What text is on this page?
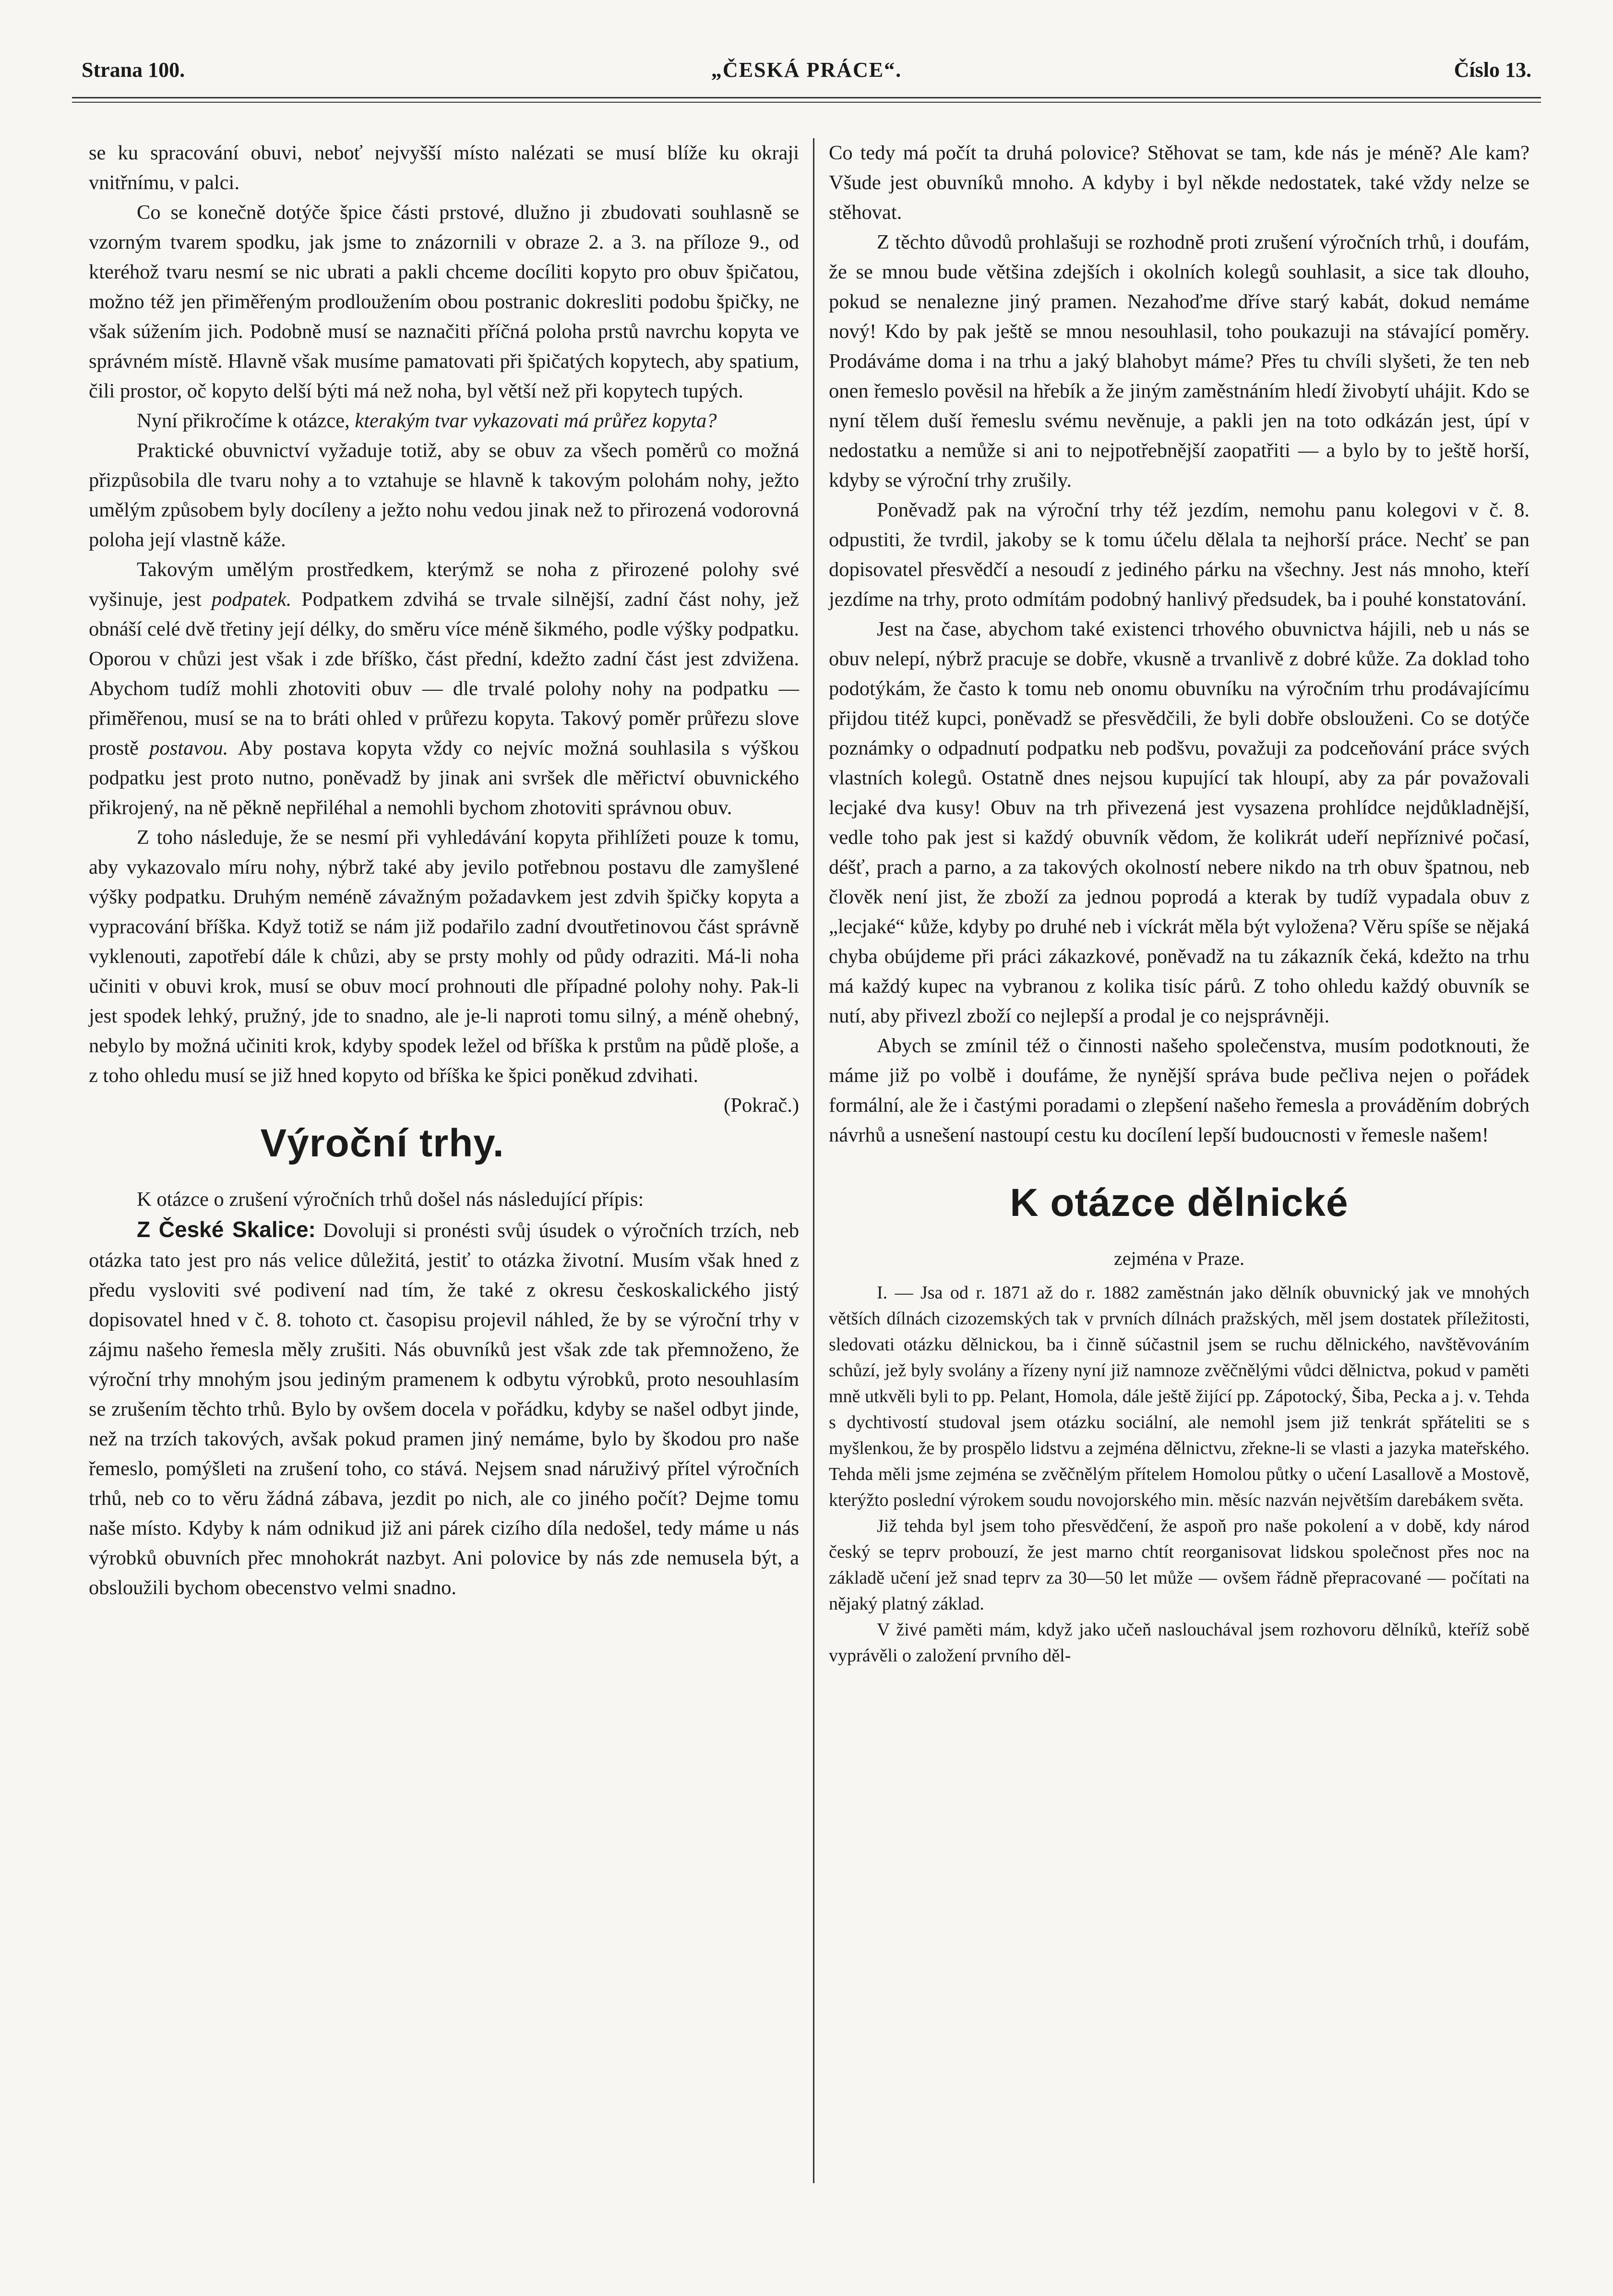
Strana 100.	„ČESKÁ PRÁCE“.	Číslo 13.

se ku spracování obuvi, neboť nejvyšší místo nalézati se musí blíže ku okraji vnitřnímu, v palci.

Co se konečně dotýče špice části prstové, dlužno ji zbudovati souhlasně se vzorným tvarem spodku, jak jsme to znázornili v obraze 2. a 3. na příloze 9., od kteréhož tvaru nesmí se nic ubrati a pakli chceme docíliti kopyto pro obuv špičatou, možno též jen přiměřeným prodloužením obou postranic dokresliti podobu špičky, ne však súžením jich. Podobně musí se naznačiti příčná poloha prstů navrchu kopyta ve správném místě. Hlavně však musíme pamatovati při špičatých kopytech, aby spatium, čili prostor, oč kopyto delší býti má než noha, byl větší než při kopytech tupých.

Nyní přikročíme k otázce, kterakým tvar vykazovati má průřez kopyta?

Praktické obuvnictví vyžaduje totiž, aby se obuv za všech poměrů co možná přizpůsobila dle tvaru nohy a to vztahuje se hlavně k takovým polohám nohy, ježto umělým způsobem byly docíleny a ježto nohu vedou jinak než to přirozená vodorovná poloha její vlastně káže.

Takovým umělým prostředkem, kterýmž se noha z přirozené polohy své vyšinuje, jest podpatek. Podpatkem zdvihá se trvale silnější, zadní část nohy, jež obnáší celé dvě třetiny její délky, do směru více méně šikmého, podle výšky podpatku. Oporou v chůzi jest však i zde bříško, část přední, kdežto zadní část jest zdvižena. Abychom tudíž mohli zhotoviti obuv — dle trvalé polohy nohy na podpatku — přiměřenou, musí se na to bráti ohled v průřezu kopyta. Takový poměr průřezu slove prostě postavou. Aby postava kopyta vždy co nejvíc možná souhlasila s výškou podpatku jest proto nutno, poněvadž by jinak ani svršek dle měřictví obuvnického přikrojený, na ně pěkně nepřiléhal a nemohli bychom zhotoviti správnou obuv.

Z toho následuje, že se nesmí při vyhledávání kopyta přihlížeti pouze k tomu, aby vykazovalo míru nohy, nýbrž také aby jevilo potřebnou postavu dle zamyšlené výšky podpatku. Druhým neméně závažným požadavkem jest zdvih špičky kopyta a vypracování bříška. Když totiž se nám již podařilo zadní dvoutřetinovou část správně vyklenouti, zapotřebí dále k chůzi, aby se prsty mohly od půdy odraziti. Má-li noha učiniti v obuvi krok, musí se obuv mocí prohnouti dle případné polohy nohy. Pak-li jest spodek lehký, pružný, jde to snadno, ale je-li naproti tomu silný, a méně ohebný, nebylo by možná učiniti krok, kdyby spodek ležel od bříška k prstům na půdě ploše, a z toho ohledu musí se již hned kopyto od bříška ke špici poněkud zdvihati.
(Pokrač.)

Výroční trhy.

K otázce o zrušení výročních trhů došel nás následující přípis:

Z České Skalice: Dovoluji si pronésti svůj úsudek o výročních trzích, neb otázka tato jest pro nás velice důležitá, jestiť to otázka životní. Musím však hned z předu vysloviti své podivení nad tím, že také z okresu českoskalického jistý dopisovatel hned v č. 8. tohoto ct. časopisu projevil náhled, že by se výroční trhy v zájmu našeho řemesla měly zrušiti. Nás obuvníků jest však zde tak přemnoženo, že výroční trhy mnohým jsou jediným pramenem k odbytu výrobků, proto nesouhlasím se zrušením těchto trhů. Bylo by ovšem docela v pořádku, kdyby se našel odbyt jinde, než na trzích takových, avšak pokud pramen jiný nemáme, bylo by škodou pro naše řemeslo, pomýšleti na zrušení toho, co stává. Nejsem snad náruživý přítel výročních trhů, neb co to věru žádná zábava, jezdit po nich, ale co jiného počít? Dejme tomu naše místo. Kdyby k nám odnikud již ani párek cizího díla nedošel, tedy máme u nás výrobků obuvních přec mnohokrát nazbyt. Ani polovice by nás zde nemusela být, a obsloužili bychom obecenstvo velmi snadno.

Co tedy má počít ta druhá polovice? Stěhovat se tam, kde nás je méně? Ale kam? Všude jest obuvníků mnoho. A kdyby i byl někde nedostatek, také vždy nelze se stěhovat.

Z těchto důvodů prohlašuji se rozhodně proti zrušení výročních trhů, i doufám, že se mnou bude většina zdejších i okolních kolegů souhlasit, a sice tak dlouho, pokud se nenalezne jiný pramen. Nezahoďme dříve starý kabát, dokud nemáme nový! Kdo by pak ještě se mnou nesouhlasil, toho poukazuji na stávající poměry. Prodáváme doma i na trhu a jaký blahobyt máme? Přes tu chvíli slyšeti, že ten neb onen řemeslo pověsil na hřebík a že jiným zaměstnáním hledí živobytí uhájit. Kdo se nyní tělem duší řemeslu svému nevěnuje, a pakli jen na toto odkázán jest, úpí v nedostatku a nemůže si ani to nejpotřebnější zaopatřiti — a bylo by to ještě horší, kdyby se výroční trhy zrušily.

Poněvadž pak na výroční trhy též jezdím, nemohu panu kolegovi v č. 8. odpustiti, že tvrdil, jakoby se k tomu účelu dělala ta nejhorší práce. Nechť se pan dopisovatel přesvědčí a nesoudí z jediného párku na všechny. Jest nás mnoho, kteří jezdíme na trhy, proto odmítám podobný hanlivý předsudek, ba i pouhé konstatování.

Jest na čase, abychom také existenci trhového obuvnictva hájili, neb u nás se obuv nelepí, nýbrž pracuje se dobře, vkusně a trvanlivě z dobré kůže. Za doklad toho podotýkám, že často k tomu neb onomu obuvníku na výročním trhu prodávajícímu přijdou titéž kupci, poněvadž se přesvědčili, že byli dobře obslouženi. Co se dotýče poznámky o odpadnutí podpatku neb podšvu, považuji za podceňování práce svých vlastních kolegů. Ostatně dnes nejsou kupující tak hloupí, aby za pár považovali lecjaké dva kusy! Obuv na trh přivezená jest vysazena prohlídce nejdůkladnější, vedle toho pak jest si každý obuvník vědom, že kolikrát udeří nepříznivé počasí, déšť, prach a parno, a za takových okolností nebere nikdo na trh obuv špatnou, neb člověk není jist, že zboží za jednou poprodá a kterak by tudíž vypadala obuv z „lecjaké“ kůže, kdyby po druhé neb i víckrát měla být vyložena? Věru spíše se nějaká chyba obújdeme při práci zákazkové, poněvadž na tu zákazník čeká, kdežto na trhu má každý kupec na vybranou z kolika tisíc párů. Z toho ohledu každý obuvník se nutí, aby přivezl zboží co nejlepší a prodal je co nejsprávněji.

Abych se zmínil též o činnosti našeho společenstva, musím podotknouti, že máme již po volbě i doufáme, že nynější správa bude pečliva nejen o pořádek formální, ale že i častými poradami o zlepšení našeho řemesla a prováděním dobrých návrhů a usnešení nastoupí cestu ku docílení lepší budoucnosti v řemesle našem!

K otázce dělnické
zejména v Praze.

I. — Jsa od r. 1871 až do r. 1882 zaměstnán jako dělník obuvnický jak ve mnohých větších dílnách cizozemských tak v prvních dílnách pražských, měl jsem dostatek příležitosti, sledovati otázku dělnickou, ba i činně súčastnil jsem se ruchu dělnického, navštěvováním schůzí, jež byly svolány a řízeny nyní již namnoze zvěčnělými vůdci dělnictva, pokud v paměti mně utkvěli byli to pp. Pelant, Homola, dále ještě žijící pp. Zápotocký, Šiba, Pecka a j. v. Tehda s dychtivostí studoval jsem otázku sociální, ale nemohl jsem již tenkrát spřáteliti se s myšlenkou, že by prospělo lidstvu a zejména dělnictvu, zřekne-li se vlasti a jazyka mateřského. Tehda měli jsme zejména se zvěčnělým přítelem Homolou půtky o učení Lasallově a Mostově, kterýžto poslední výrokem soudu novojorského min. měsíc nazván největším darebákem světa.

Již tehda byl jsem toho přesvědčení, že aspoň pro naše pokolení a v době, kdy národ český se teprv probouzí, že jest marno chtít reorganisovat lidskou společnost přes noc na základě učení jež snad teprv za 30—50 let může — ovšem řádně přepracované — počítati na nějaký platný základ.

V živé paměti mám, když jako učeň naslouchával jsem rozhovoru dělníků, kteříž sobě vyprávěli o založení prvního děl-
